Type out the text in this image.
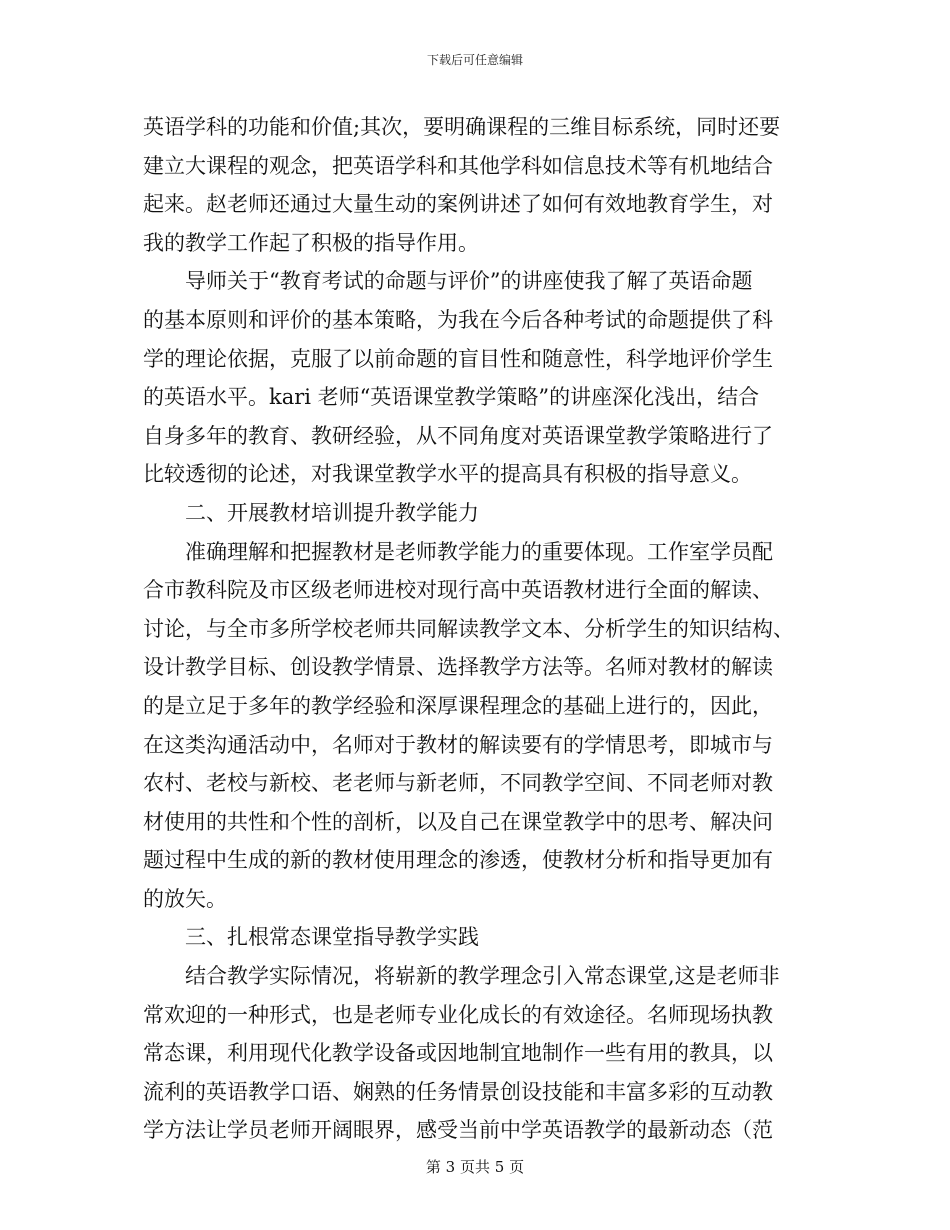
下载后可任意编辑
英语学科的功能和价值;其次，要明确课程的三维目标系统，同时还要
建立大课程的观念，把英语学科和其他学科如信息技术等有机地结合
起来。赵老师还通过大量生动的案例讲述了如何有效地教育学生，对
我的教学工作起了积极的指导作用。
导师关于“教育考试的命题与评价”的讲座使我了解了英语命题
的基本原则和评价的基本策略，为我在今后各种考试的命题提供了科
学的理论依据，克服了以前命题的盲目性和随意性，科学地评价学生
的英语水平。kari 老师“英语课堂教学策略”的讲座深化浅出，结合
自身多年的教育、教研经验，从不同角度对英语课堂教学策略进行了
比较透彻的论述，对我课堂教学水平的提高具有积极的指导意义。
二、开展教材培训提升教学能力
准确理解和把握教材是老师教学能力的重要体现。工作室学员配
合市教科院及市区级老师进校对现行高中英语教材进行全面的解读、
讨论，与全市多所学校老师共同解读教学文本、分析学生的知识结构、
设计教学目标、创设教学情景、选择教学方法等。名师对教材的解读
的是立足于多年的教学经验和深厚课程理念的基础上进行的，因此，
在这类沟通活动中，名师对于教材的解读要有的学情思考，即城市与
农村、老校与新校、老老师与新老师，不同教学空间、不同老师对教
材使用的共性和个性的剖析，以及自己在课堂教学中的思考、解决问
题过程中生成的新的教材使用理念的渗透，使教材分析和指导更加有
的放矢。
三、扎根常态课堂指导教学实践
结合教学实际情况，将崭新的教学理念引入常态课堂,这是老师非
常欢迎的一种形式，也是老师专业化成长的有效途径。名师现场执教
常态课，利用现代化教学设备或因地制宜地制作一些有用的教具，以
流利的英语教学口语、娴熟的任务情景创设技能和丰富多彩的互动教
学方法让学员老师开阔眼界，感受当前中学英语教学的最新动态（范
第 3 页共 5 页
